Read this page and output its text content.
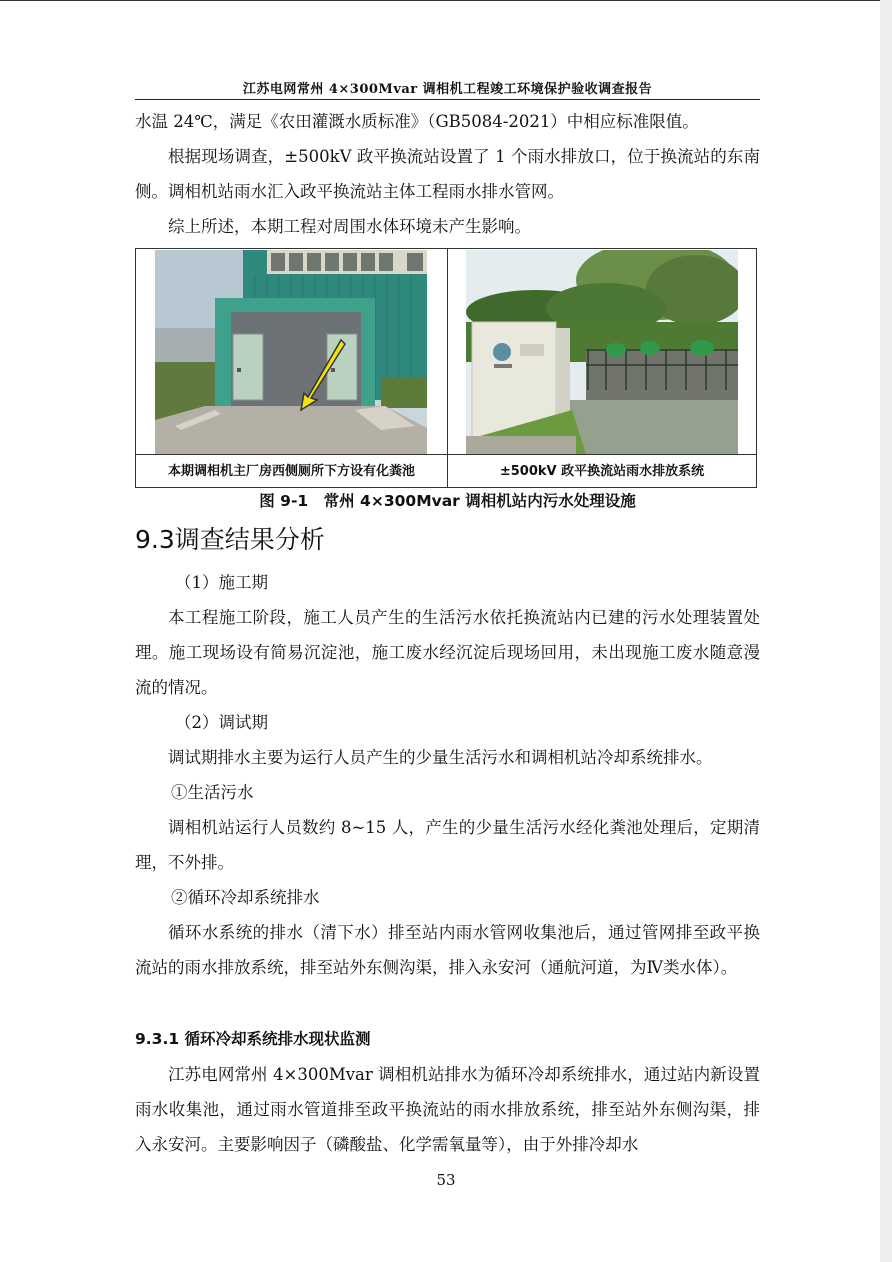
江苏电网常州 4×300Mvar 调相机工程竣工环境保护验收调查报告

水温 24℃，满足《农田灌溉水质标准》（GB5084-2021）中相应标准限值。

根据现场调查，±500kV 政平换流站设置了 1 个雨水排放口，位于换流站的东南侧。调相机站雨水汇入政平换流站主体工程雨水排水管网。

综上所述，本期工程对周围水体环境未产生影响。

本期调相机主厂房西侧厕所下方设有化粪池	±500kV 政平换流站雨水排放系统
图 9-1　常州 4×300Mvar 调相机站内污水处理设施
9.3调查结果分析

（1）施工期

本工程施工阶段，施工人员产生的生活污水依托换流站内已建的污水处理装置处理。施工现场设有简易沉淀池，施工废水经沉淀后现场回用，未出现施工废水随意漫流的情况。

（2）调试期

调试期排水主要为运行人员产生的少量生活污水和调相机站冷却系统排水。

①生活污水

调相机站运行人员数约 8~15 人，产生的少量生活污水经化粪池处理后，定期清理，不外排。

②循环冷却系统排水

循环水系统的排水（清下水）排至站内雨水管网收集池后，通过管网排至政平换流站的雨水排放系统，排至站外东侧沟渠，排入永安河（通航河道，为Ⅳ类水体）。

9.3.1 循环冷却系统排水现状监测

江苏电网常州 4×300Mvar 调相机站排水为循环冷却系统排水，通过站内新设置雨水收集池，通过雨水管道排至政平换流站的雨水排放系统，排至站外东侧沟渠，排入永安河。主要影响因子（磷酸盐、化学需氧量等），由于外排冷却水

53
